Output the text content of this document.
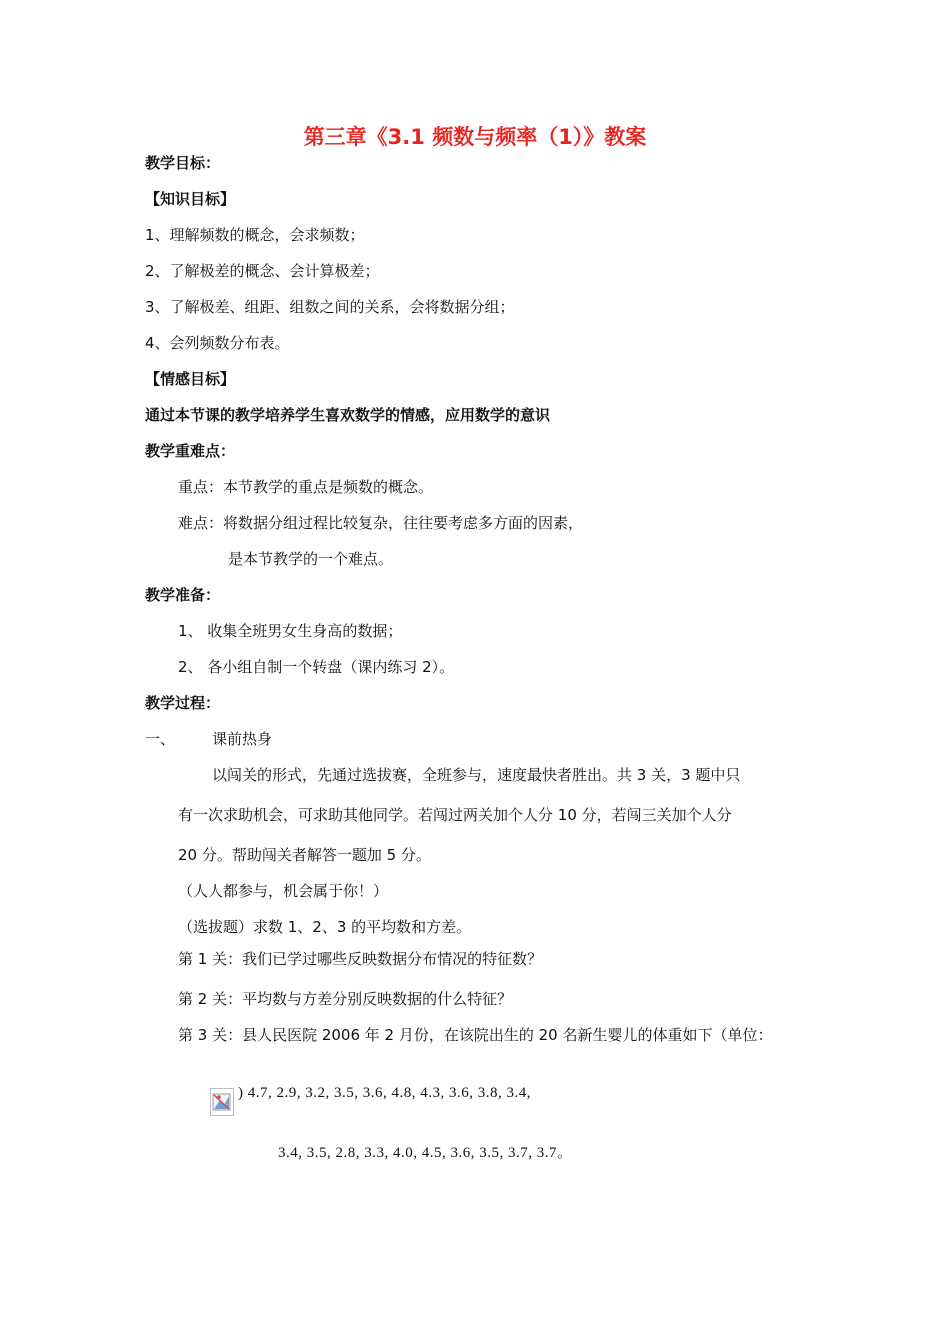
第三章《3.1 频数与频率（1）》教案
教学目标：
【知识目标】
1、理解频数的概念，会求频数；
2、了解极差的概念、会计算极差；
3、了解极差、组距、组数之间的关系，会将数据分组；
4、会列频数分布表。
【情感目标】
通过本节课的教学培养学生喜欢数学的情感，应用数学的意识
教学重难点：
重点：本节教学的重点是频数的概念。
难点：将数据分组过程比较复杂，往往要考虑多方面的因素，
是本节教学的一个难点。
教学准备：
1、 收集全班男女生身高的数据；
2、 各小组自制一个转盘（课内练习 2）。
教学过程：
一、 课前热身
以闯关的形式，先通过选拔赛，全班参与，速度最快者胜出。共 3 关，3 题中只
有一次求助机会，可求助其他同学。若闯过两关加个人分 10 分，若闯三关加个人分
20 分。帮助闯关者解答一题加 5 分。
（人人都参与，机会属于你！）
（选拔题）求数 1、2、3 的平均数和方差。
第 1 关：我们已学过哪些反映数据分布情况的特征数？
第 2 关：平均数与方差分别反映数据的什么特征？
第 3 关：县人民医院 2006 年 2 月份，在该院出生的 20 名新生婴儿的体重如下（单位：
) 4.7, 2.9, 3.2, 3.5, 3.6, 4.8, 4.3, 3.6, 3.8, 3.4,
3.4, 3.5, 2.8, 3.3, 4.0, 4.5, 3.6, 3.5, 3.7, 3.7。
